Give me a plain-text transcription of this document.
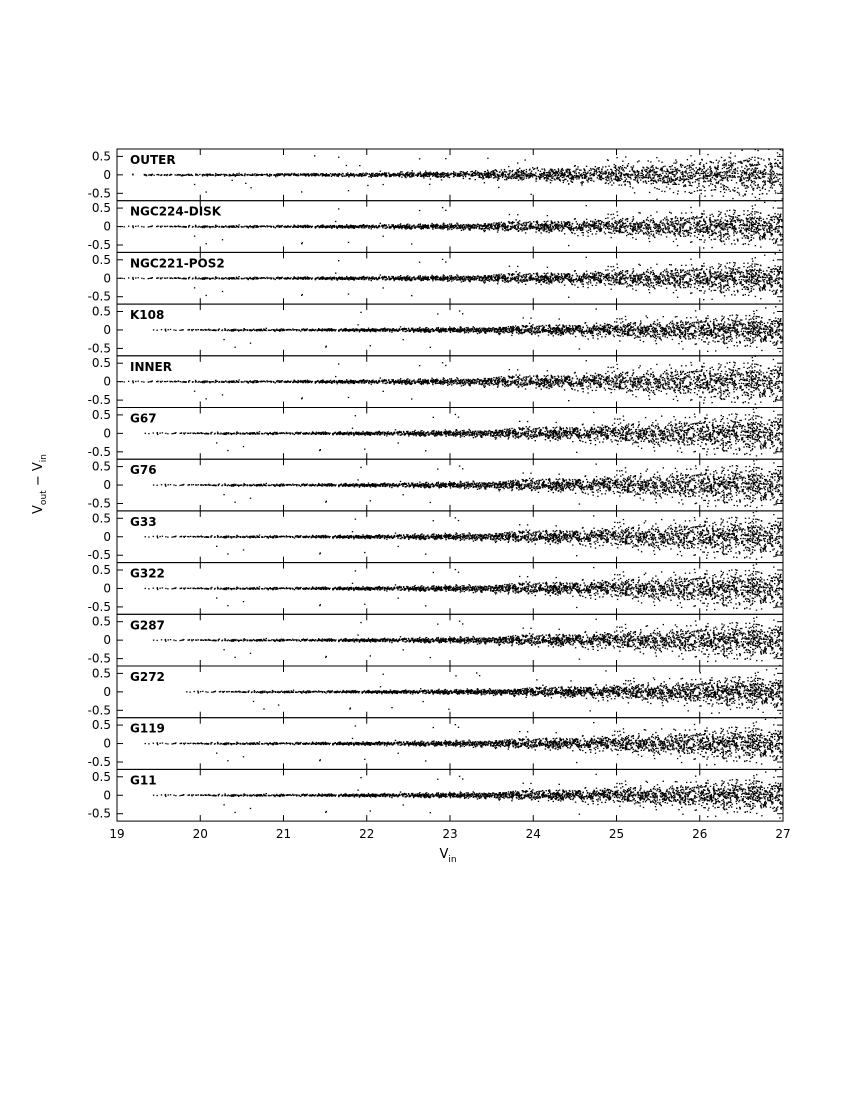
0.5
0
-0.5
OUTER
0.5
0
-0.5
NGC224-DISK
0.5
0
-0.5
NGC221-POS2
0.5
0
-0.5
K108
0.5
0
-0.5
INNER
0.5
0
-0.5
G67
0.5
0
-0.5
G76
0.5
0
-0.5
G33
0.5
0
-0.5
G322
0.5
0
-0.5
G287
0.5
0
-0.5
G272
0.5
0
-0.5
G119
0.5
0
-0.5
G11
19	20	21	22	23	24	25	26	27
$V_{in}$
$V_{out} - V_{in}$
